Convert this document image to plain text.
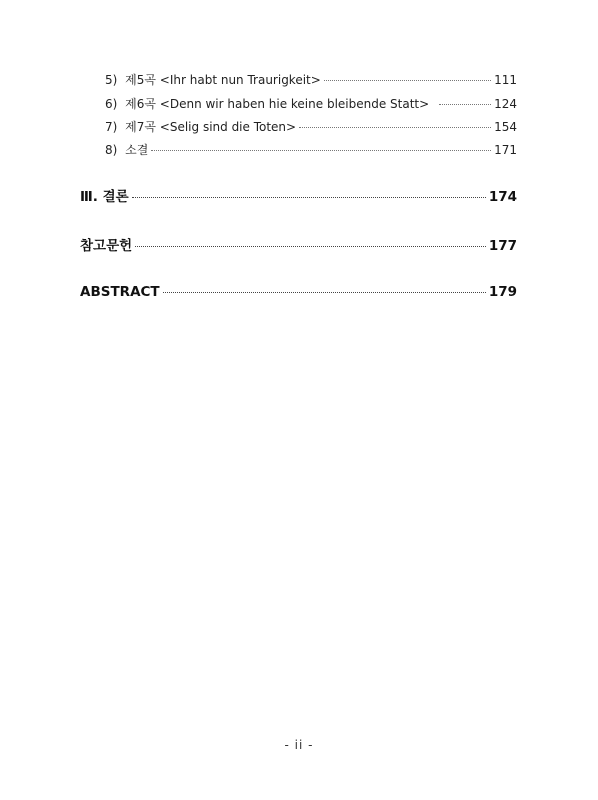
5) 제5곡 <Ihr habt nun Traurigkeit>	111
6) 제6곡 <Denn wir haben hie keine bleibende Statt>	124
7) 제7곡 <Selig sind die Toten>	154
8) 소결	171
Ⅲ. 결론	174
참고문헌	177
ABSTRACT	179
- ii -
